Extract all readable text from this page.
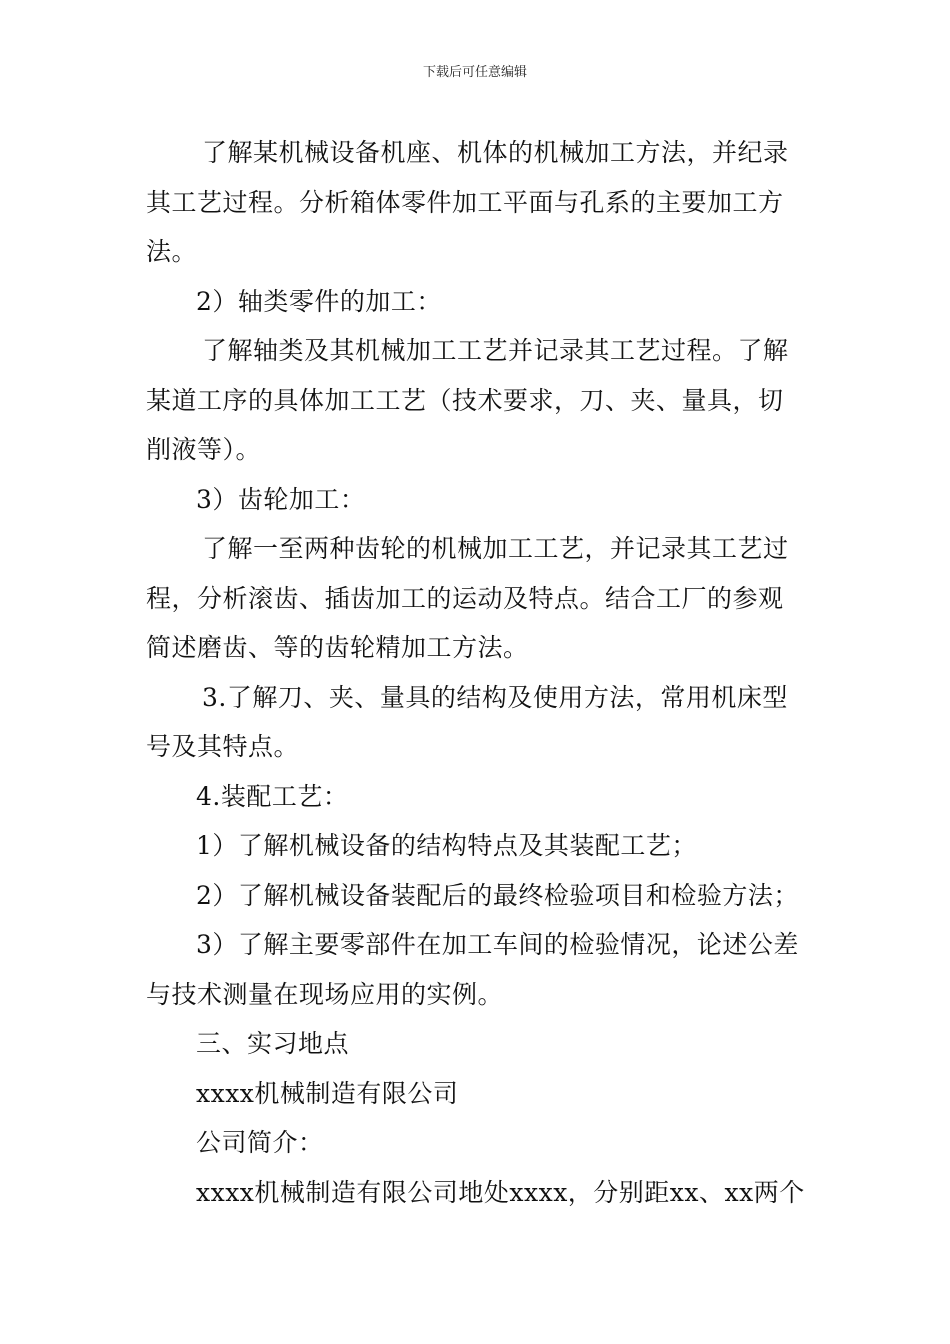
下载后可任意编辑

了解某机械设备机座、机体的机械加工方法，并纪录

其工艺过程。分析箱体零件加工平面与孔系的主要加工方

法。

2）轴类零件的加工：

了解轴类及其机械加工工艺并记录其工艺过程。了解

某道工序的具体加工工艺（技术要求，刀、夹、量具，切

削液等）。

3）齿轮加工：

了解一至两种齿轮的机械加工工艺，并记录其工艺过

程，分析滚齿、插齿加工的运动及特点。结合工厂的参观

简述磨齿、等的齿轮精加工方法。

3.了解刀、夹、量具的结构及使用方法，常用机床型

号及其特点。

4.装配工艺：

1）了解机械设备的结构特点及其装配工艺；

2）了解机械设备装配后的最终检验项目和检验方法；

3）了解主要零部件在加工车间的检验情况，论述公差

与技术测量在现场应用的实例。

三、实习地点

xxxx机械制造有限公司

公司简介：

xxxx机械制造有限公司地处xxxx，分别距xx、xx两个
